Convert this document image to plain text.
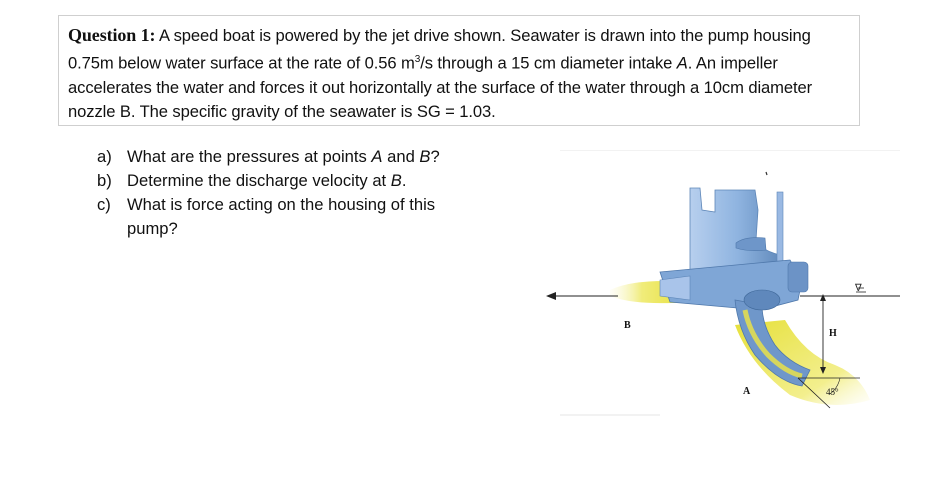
Question 1: A speed boat is powered by the jet drive shown. Seawater is drawn into the pump housing 0.75m below water surface at the rate of 0.56 $m^3/s$ through a 15 cm diameter intake A. An impeller accelerates the water and forces it out horizontally at the surface of the water through a 10cm diameter nozzle B. The specific gravity of the seawater is SG = 1.03.
a) What are the pressures at points A and B?
b) Determine the discharge velocity at B.
c) What is force acting on the housing of this pump?
∇
H
45°
B
A
